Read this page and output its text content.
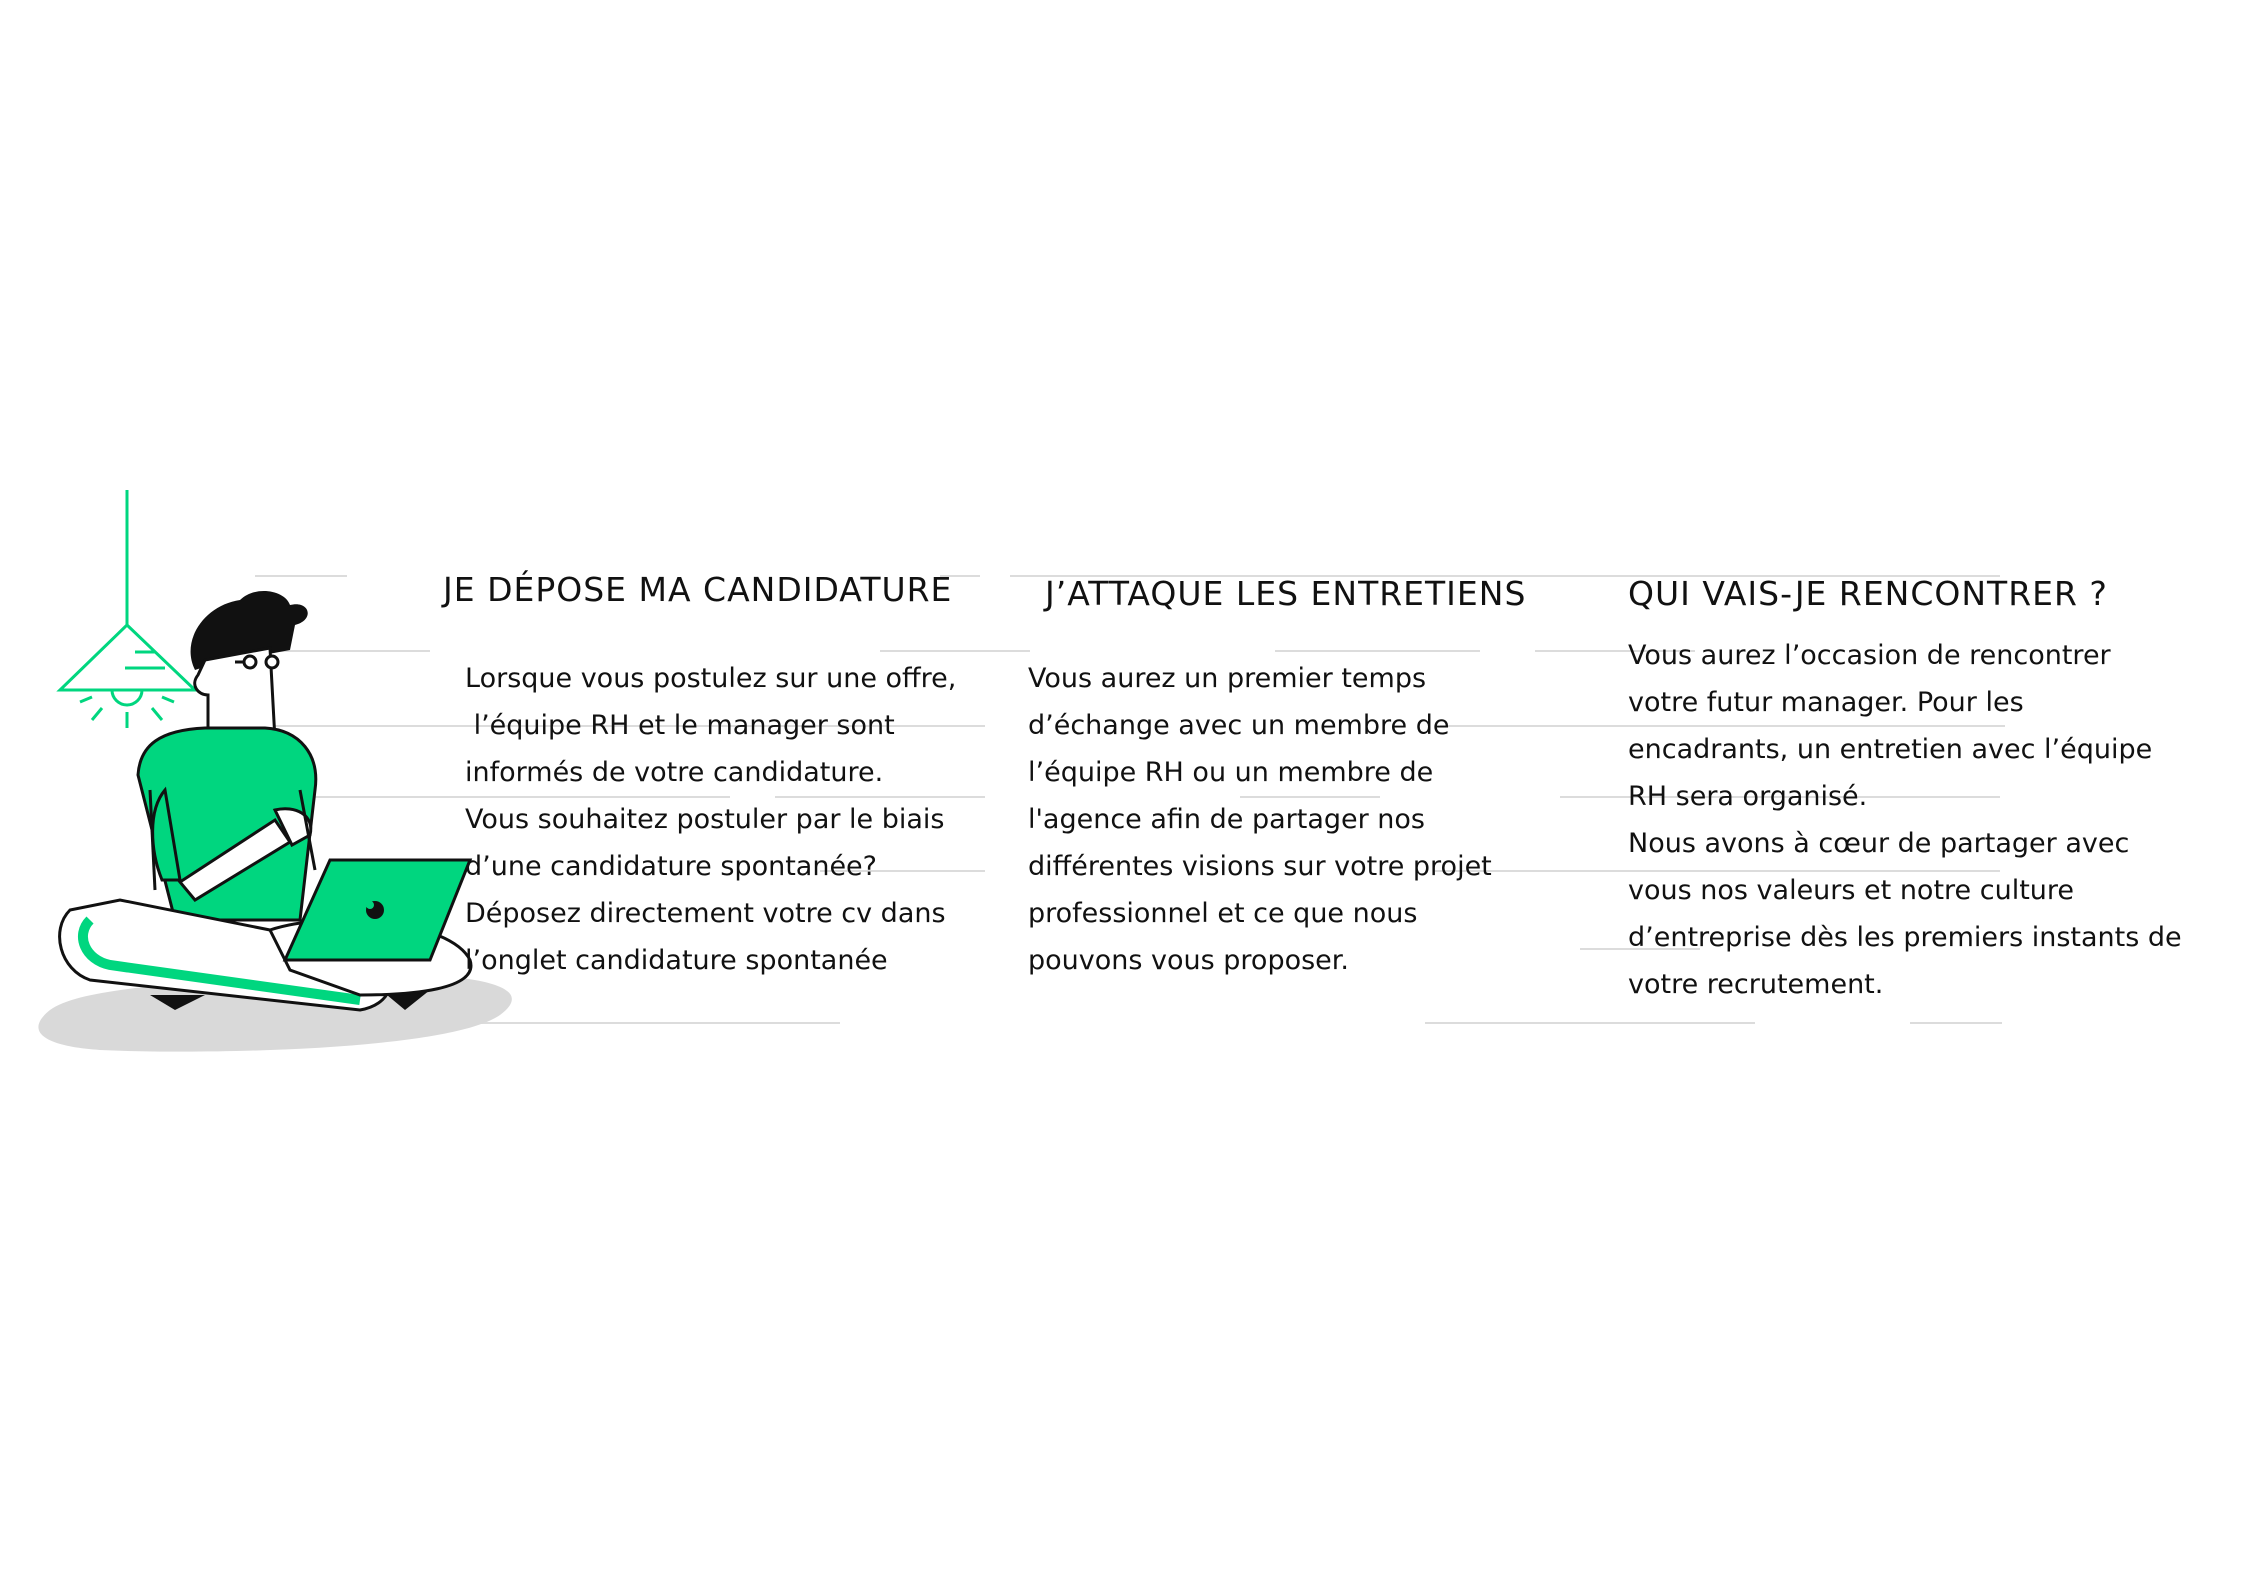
JE DÉPOSE MA CANDIDATURE
Lorsque vous postulez sur une offre,
l’équipe RH et le manager sont
informés de votre candidature.
Vous souhaitez postuler par le biais
d’une candidature spontanée?
Déposez directement votre cv dans
l’onglet candidature spontanée
J’ATTAQUE LES ENTRETIENS
Vous aurez un premier temps
d’échange avec un membre de
l’équipe RH ou un membre de
l'agence afin de partager nos
différentes visions sur votre projet
professionnel et ce que nous
pouvons vous proposer.
QUI VAIS-JE RENCONTRER ?
Vous aurez l’occasion de rencontrer
votre futur manager. Pour les
encadrants, un entretien avec l’équipe
RH sera organisé.
Nous avons à cœur de partager avec
vous nos valeurs et notre culture
d’entreprise dès les premiers instants de
votre recrutement.
